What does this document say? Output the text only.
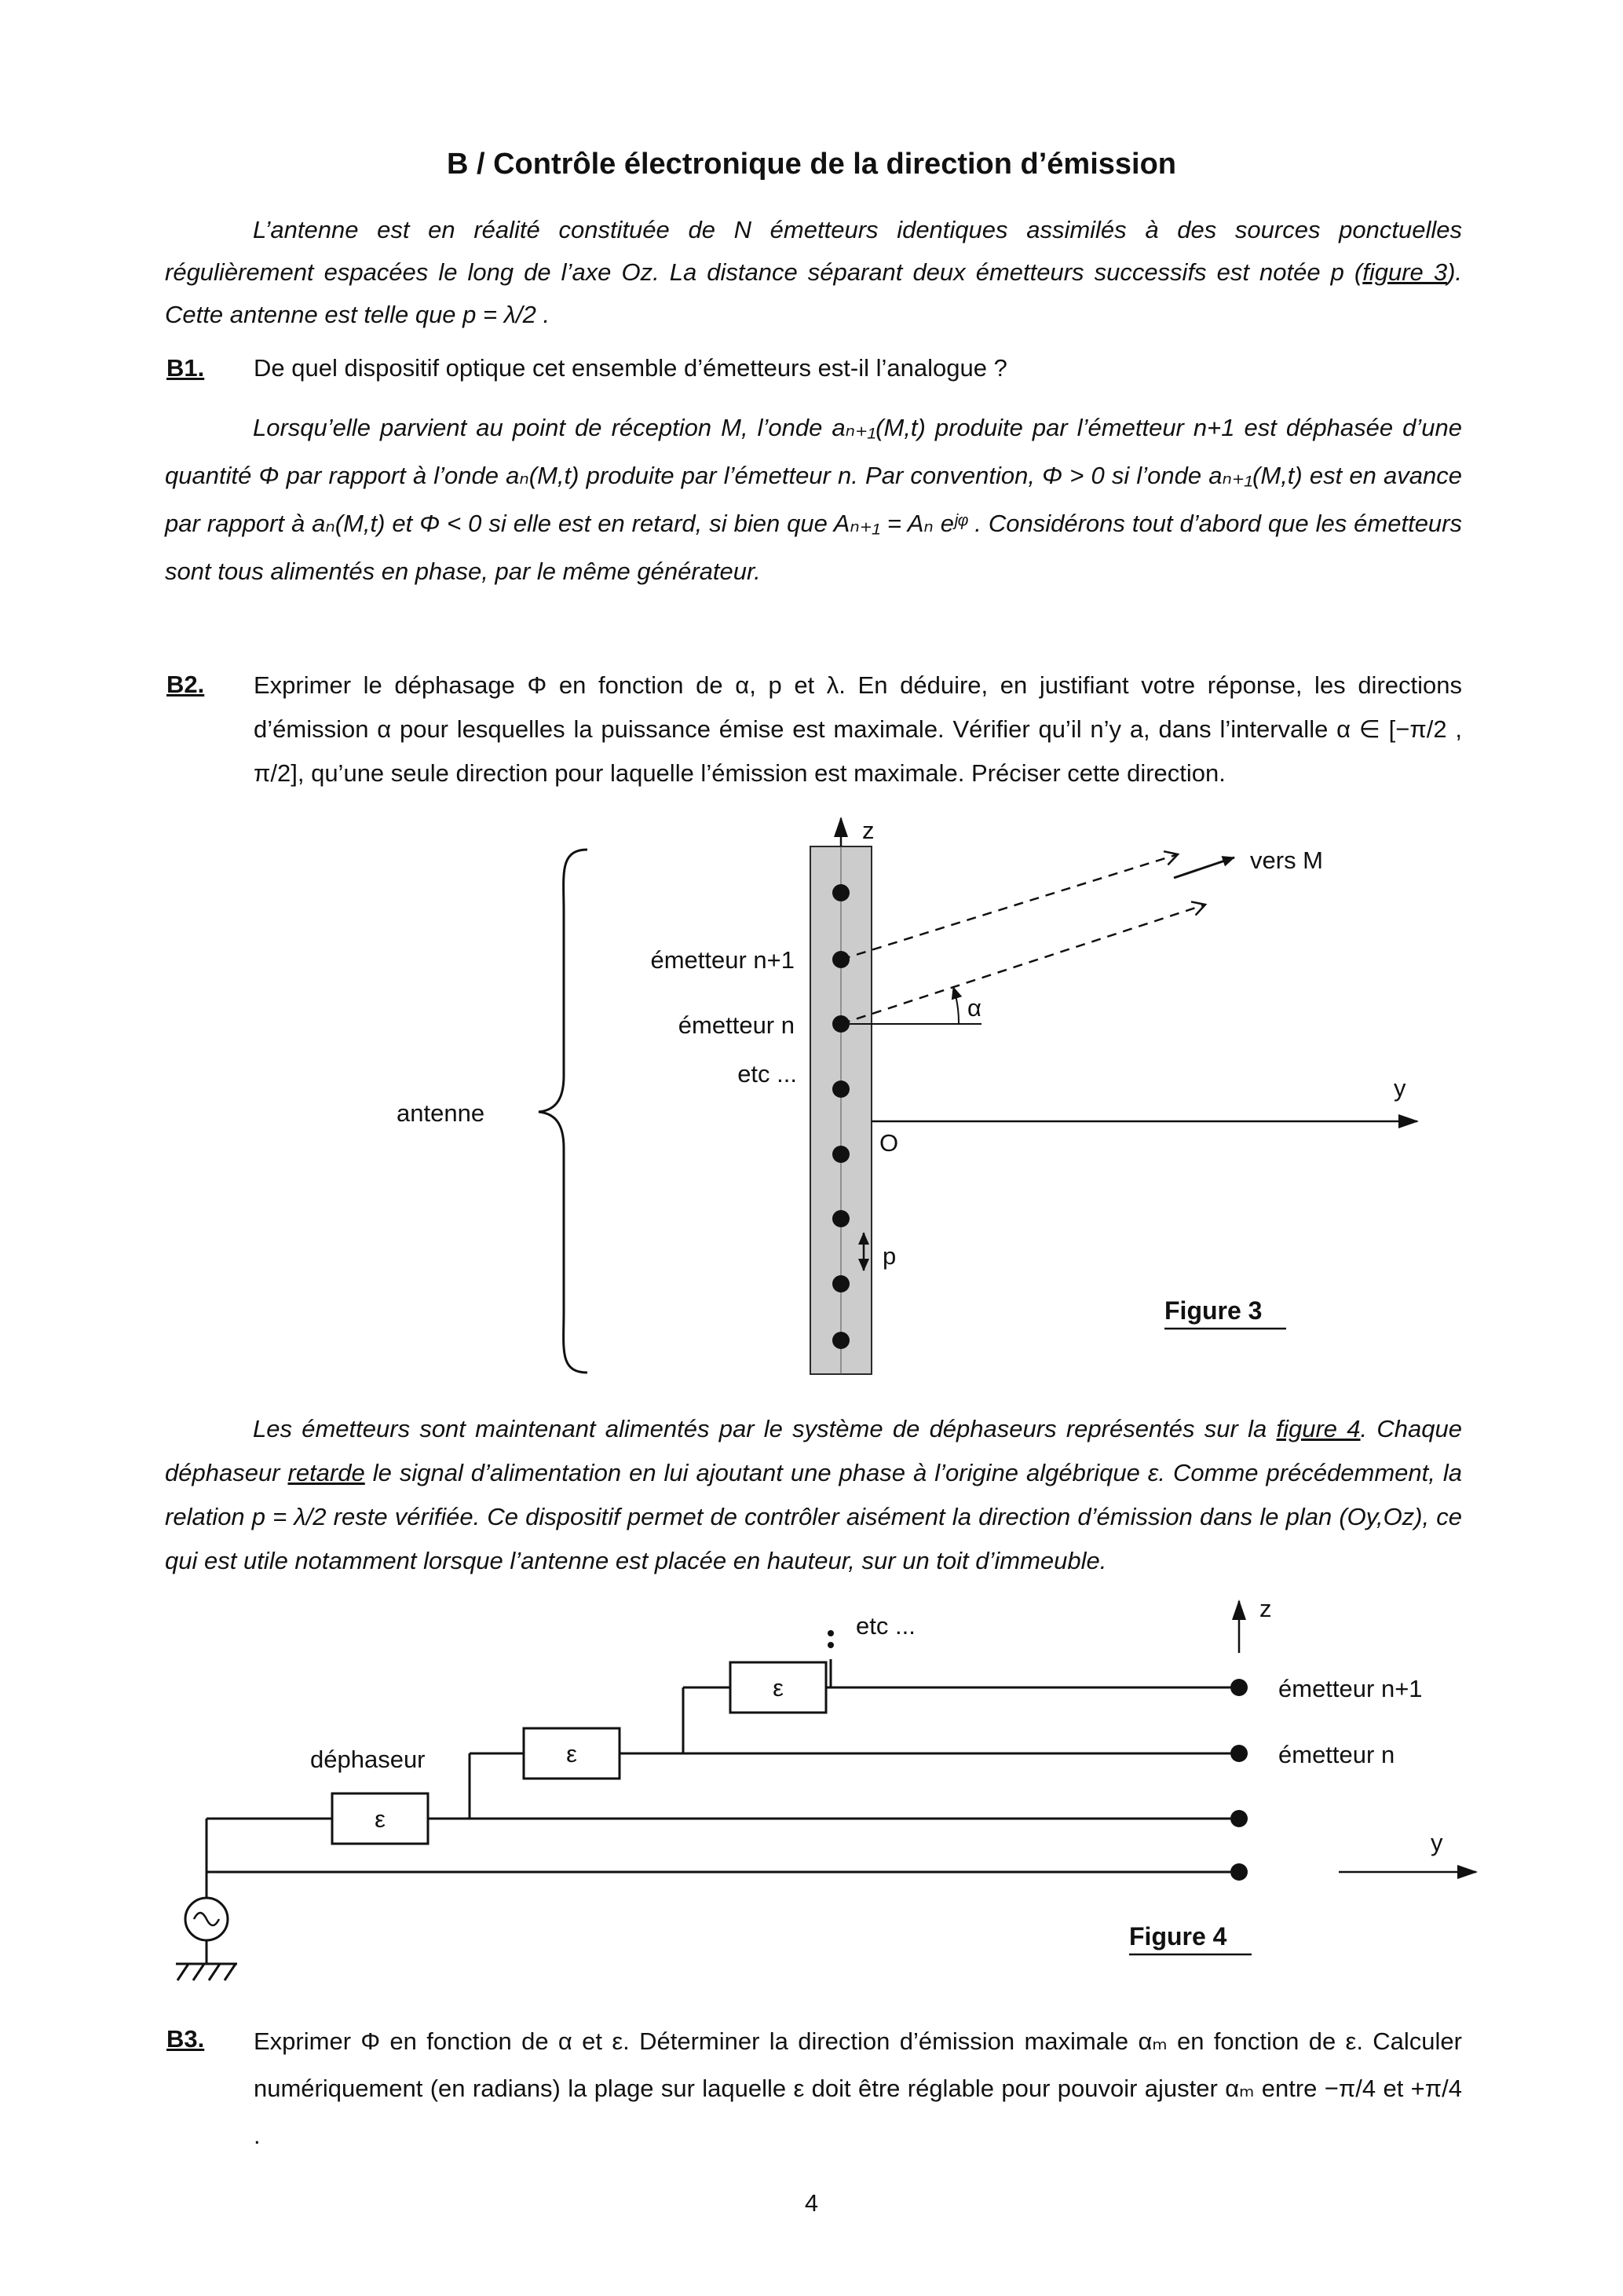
B / Contrôle électronique de la direction d’émission

L’antenne est en réalité constituée de N émetteurs identiques assimilés à des sources ponctuelles régulièrement espacées le long de l’axe Oz. La distance séparant deux émetteurs successifs est notée p (figure 3). Cette antenne est telle que p = λ/2 .

B1.	De quel dispositif optique cet ensemble d’émetteurs est-il l’analogue ?

Lorsqu’elle parvient au point de réception M, l’onde aₙ₊₁(M,t) produite par l’émetteur n+1 est déphasée d’une quantité Φ par rapport à l’onde aₙ(M,t) produite par l’émetteur n. Par convention, Φ > 0 si l’onde aₙ₊₁(M,t) est en avance par rapport à aₙ(M,t) et Φ < 0 si elle est en retard, si bien que Aₙ₊₁ = Aₙ eʲᵠ . Considérons tout d’abord que les émetteurs sont tous alimentés en phase, par le même générateur.

B2.	Exprimer le déphasage Φ en fonction de α, p et λ. En déduire, en justifiant votre réponse, les directions d’émission α pour lesquelles la puissance émise est maximale. Vérifier qu’il n’y a, dans l’intervalle α ∈ [−π/2 , π/2], qu’une seule direction pour laquelle l’émission est maximale. Préciser cette direction.
z
y
O
α
vers M
p
antenne
émetteur n+1
émetteur n
etc ...
Figure 3

Les émetteurs sont maintenant alimentés par le système de déphaseurs représentés sur la figure 4. Chaque déphaseur retarde le signal d’alimentation en lui ajoutant une phase à l’origine algébrique ε. Comme précédemment, la relation p = λ/2 reste vérifiée. Ce dispositif permet de contrôler aisément la direction d’émission dans le plan (Oy,Oz), ce qui est utile notamment lorsque l’antenne est placée en hauteur, sur un toit d’immeuble.

z
etc ...
ε
ε
ε
déphaseur
émetteur n+1
émetteur n
y
Figure 4
B3.	Exprimer Φ en fonction de α et ε. Déterminer la direction d’émission maximale αₘ en fonction de ε. Calculer numériquement (en radians) la plage sur laquelle ε doit être réglable pour pouvoir ajuster αₘ entre −π/4 et +π/4 .
4
